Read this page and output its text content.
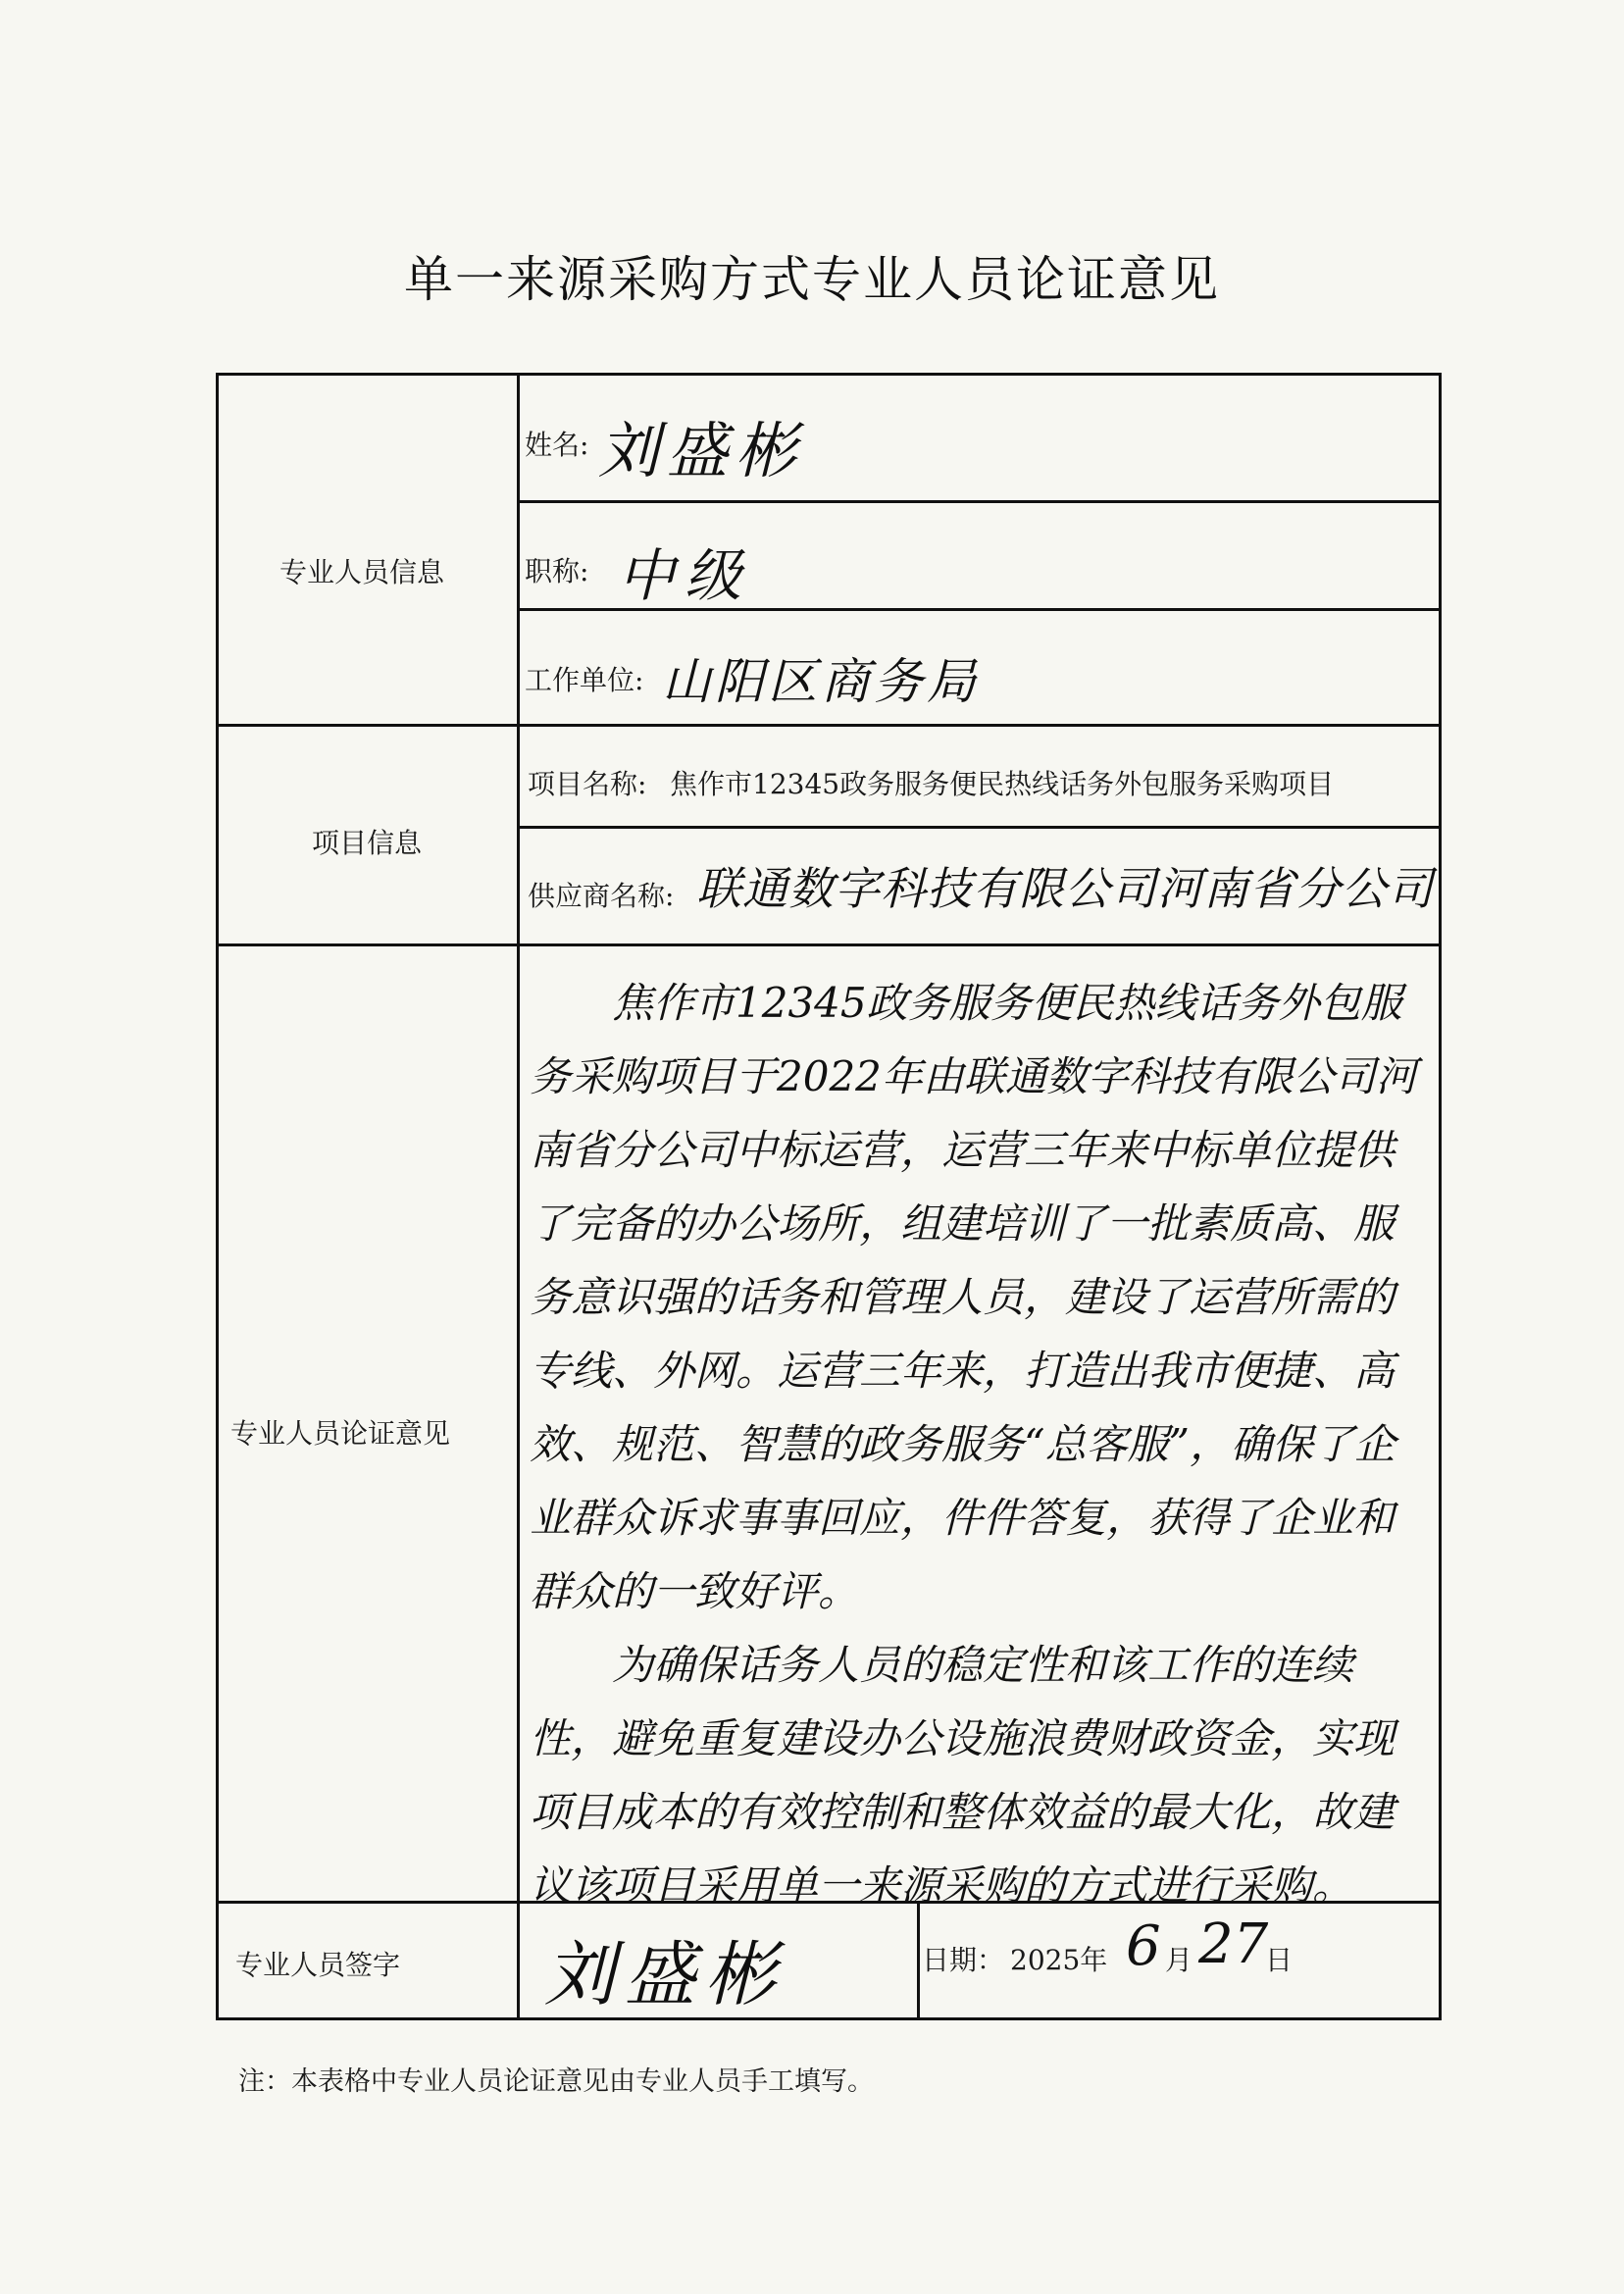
单一来源采购方式专业人员论证意见
专业人员信息
姓名: 刘盛彬
职称: 中级
工作单位: 山阳区商务局
项目信息
项目名称: 焦作市12345政务服务便民热线话务外包服务采购项目
供应商名称: 联通数字科技有限公司河南省分公司
专业人员论证意见

焦作市12345政务服务便民热线话务外包服务采购项目于2022年由联通数字科技有限公司河南省分公司中标运营，运营三年来中标单位提供了完备的办公场所，组建培训了一批素质高、服务意识强的话务和管理人员，建设了运营所需的专线、外网。运营三年来，打造出我市便捷、高效、规范、智慧的政务服务“总客服”，确保了企业群众诉求事事回应，件件答复，获得了企业和群众的一致好评。

为确保话务人员的稳定性和该工作的连续性，避免重复建设办公设施浪费财政资金，实现项目成本的有效控制和整体效益的最大化，故建议该项目采用单一来源采购的方式进行采购。

专业人员签字 刘盛彬	日期： 2025年 6 月 27
日
注：本表格中专业人员论证意见由专业人员手工填写。
